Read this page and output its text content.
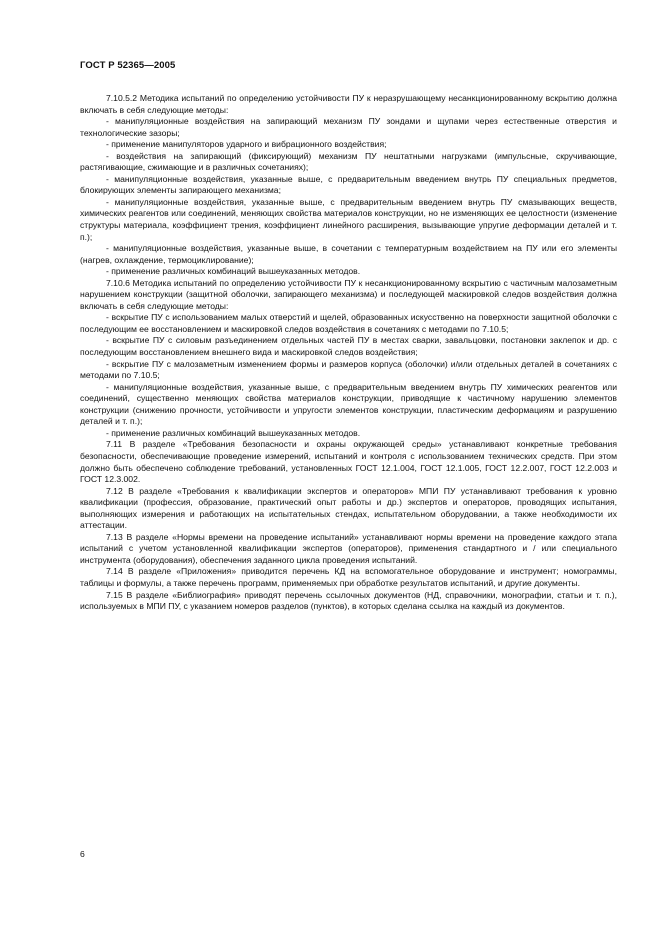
ГОСТ Р 52365—2005

7.10.5.2 Методика испытаний по определению устойчивости ПУ к неразрушающему несанкционированному вскрытию должна включать в себя следующие методы:

- манипуляционные воздействия на запирающий механизм ПУ зондами и щупами через естественные отверстия и технологические зазоры;

- применение манипуляторов ударного и вибрационного воздействия;

- воздействия на запирающий (фиксирующий) механизм ПУ нештатными нагрузками (импульсные, скручивающие, растягивающие, сжимающие и в различных сочетаниях);

- манипуляционные воздействия, указанные выше, с предварительным введением внутрь ПУ специальных предметов, блокирующих элементы запирающего механизма;

- манипуляционные воздействия, указанные выше, с предварительным введением внутрь ПУ смазывающих веществ, химических реагентов или соединений, меняющих свойства материалов конструкции, но не изменяющих ее целостности (изменение структуры материала, коэффициент трения, коэффициент линейного расширения, вызывающие упругие деформации деталей и т. п.);

- манипуляционные воздействия, указанные выше, в сочетании с температурным воздействием на ПУ или его элементы (нагрев, охлаждение, термоциклирование);

- применение различных комбинаций вышеуказанных методов.

7.10.6 Методика испытаний по определению устойчивости ПУ к несанкционированному вскрытию с частичным малозаметным нарушением конструкции (защитной оболочки, запирающего механизма) и последующей маскировкой следов воздействия должна включать в себя следующие методы:

- вскрытие ПУ с использованием малых отверстий и щелей, образованных искусственно на поверхности защитной оболочки с последующим ее восстановлением и маскировкой следов воздействия в сочетаниях с методами по 7.10.5;

- вскрытие ПУ с силовым разъединением отдельных частей ПУ в местах сварки, завальцовки, постановки заклепок и др. с последующим восстановлением внешнего вида и маскировкой следов воздействия;

- вскрытие ПУ с малозаметным изменением формы и размеров корпуса (оболочки) и/или отдельных деталей в сочетаниях с методами по 7.10.5;

- манипуляционные воздействия, указанные выше, с предварительным введением внутрь ПУ химических реагентов или соединений, существенно меняющих свойства материалов конструкции, приводящие к частичному нарушению элементов конструкции (снижению прочности, устойчивости и упругости элементов конструкции, пластическим деформациям и разрушению деталей и т. п.);

- применение различных комбинаций вышеуказанных методов.

7.11 В разделе «Требования безопасности и охраны окружающей среды» устанавливают конкретные требования безопасности, обеспечивающие проведение измерений, испытаний и контроля с использованием технических средств. При этом должно быть обеспечено соблюдение требований, установленных ГОСТ 12.1.004, ГОСТ 12.1.005, ГОСТ 12.2.007, ГОСТ 12.2.003 и ГОСТ 12.3.002.

7.12 В разделе «Требования к квалификации экспертов и операторов» МПИ ПУ устанавливают требования к уровню квалификации (профессия, образование, практический опыт работы и др.) экспертов и операторов, проводящих испытания, выполняющих измерения и работающих на испытательных стендах, испытательном оборудовании, а также необходимости их аттестации.

7.13 В разделе «Нормы времени на проведение испытаний» устанавливают нормы времени на проведение каждого этапа испытаний с учетом установленной квалификации экспертов (операторов), применения стандартного и / или специального инструмента (оборудования), обеспечения заданного цикла проведения испытаний.

7.14 В разделе «Приложения» приводится перечень КД на вспомогательное оборудование и инструмент; номограммы, таблицы и формулы, а также перечень программ, применяемых при обработке результатов испытаний, и другие документы.

7.15 В разделе «Библиография» приводят перечень ссылочных документов (НД, справочники, монографии, статьи и т. п.), используемых в МПИ ПУ, с указанием номеров разделов (пунктов), в которых сделана ссылка на каждый из документов.

6
